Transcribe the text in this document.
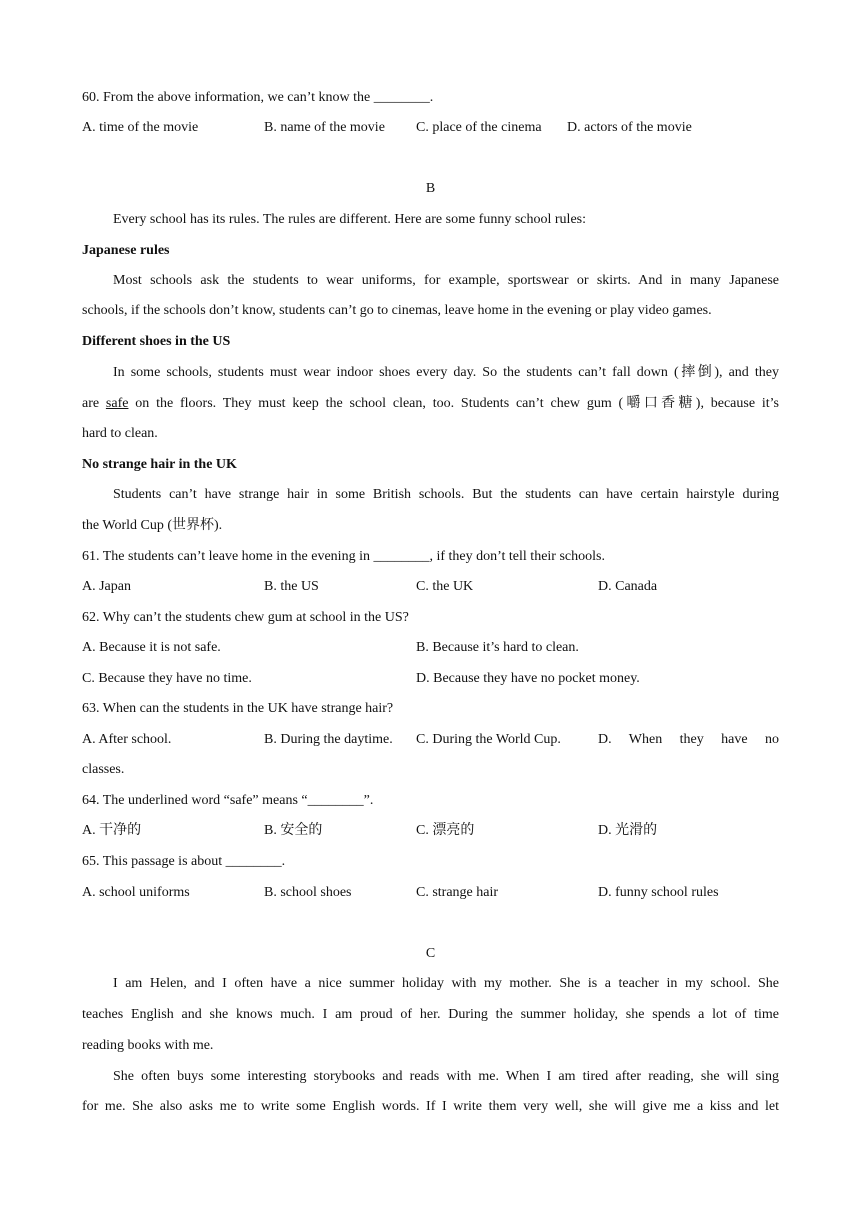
60. From the above information, we can’t know the ________.
A. time of the movie	B. name of the movie C. place of the cinema D. actors of the movie
B
Every school has its rules. The rules are different. Here are some funny school rules:
Japanese rules
Most schools ask the students to wear uniforms, for example, sportswear or skirts. And in many Japanese
schools, if the schools don’t know, students can’t go to cinemas, leave home in the evening or play video games.
Different shoes in the US
In some schools, students must wear indoor shoes every day. So the students can’t fall down (摔倒), and they
are safe on the floors. They must keep the school clean, too. Students can’t chew gum (嚼口香糖), because it’s
hard to clean.
No strange hair in the UK
Students can’t have strange hair in some British schools. But the students can have certain hairstyle during
the World Cup (世界杯).
61. The students can’t leave home in the evening in ________, if they don’t tell their schools.
A. Japan	B. the US	C. the UK	D. Canada
62. Why can’t the students chew gum at school in the US?
A. Because it is not safe.	B. Because it’s hard to clean.
C. Because they have no time.	D. Because they have no pocket money.
63. When can the students in the UK have strange hair?
A. After school.	B. During the daytime. C. During the World Cup.	D. When they have no
classes.
64. The underlined word “safe” means “________”.
A. 干净的	B. 安全的	C. 漂亮的	D. 光滑的
65. This passage is about ________.
A. school uniforms	B. school shoes	C. strange hair	D. funny school rules
C
I am Helen, and I often have a nice summer holiday with my mother. She is a teacher in my school. She
teaches English and she knows much. I am proud of her. During the summer holiday, she spends a lot of time
reading books with me.
She often buys some interesting storybooks and reads with me. When I am tired after reading, she will sing
for me. She also asks me to write some English words. If I write them very well, she will give me a kiss and let
